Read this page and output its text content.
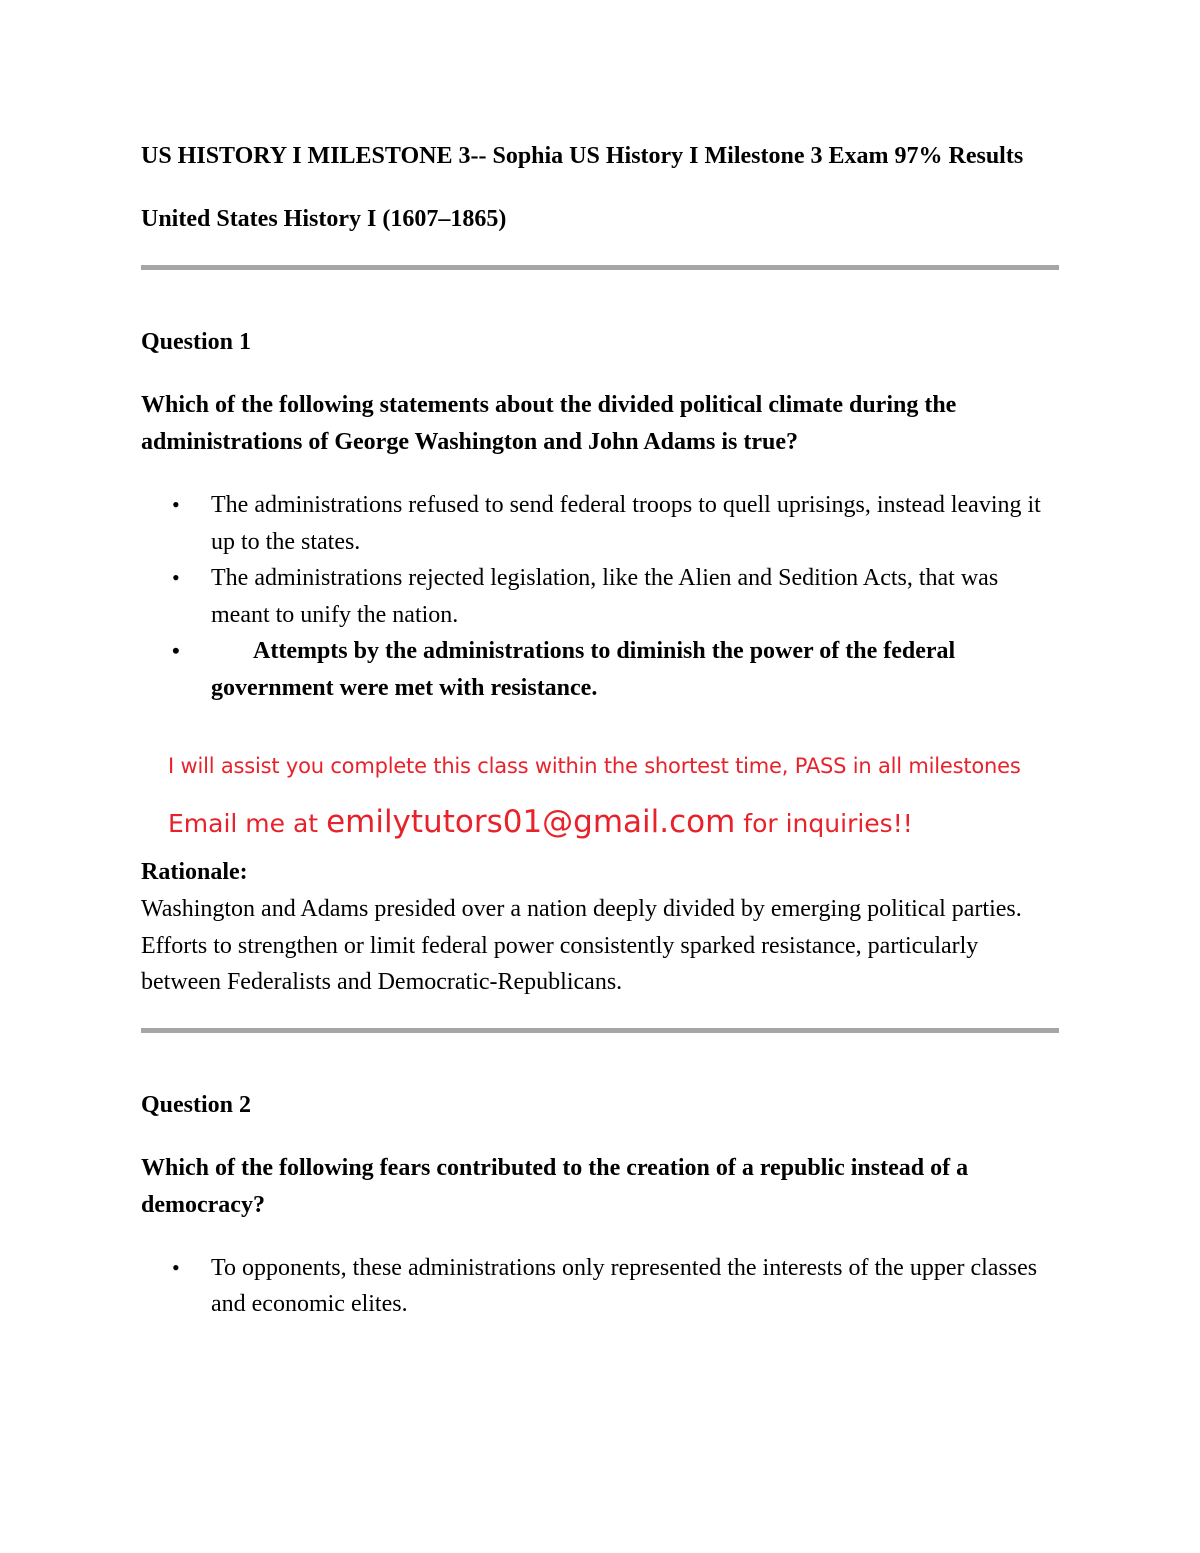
US HISTORY I MILESTONE 3-- Sophia US History I Milestone 3 Exam 97% Results

United States History I (1607–1865)

Question 1

Which of the following statements about the divided political climate during the administrations of George Washington and John Adams is true?

• The administrations refused to send federal troops to quell uprisings, instead leaving it up to the states.
• The administrations rejected legislation, like the Alien and Sedition Acts, that was meant to unify the nation.
•	Attempts by the administrations to diminish the power of the federal government were met with resistance.
I will assist you complete this class within the shortest time, PASS in all milestones
Email me at emilytutors01@gmail.com for inquiries!!

Rationale:

Washington and Adams presided over a nation deeply divided by emerging political parties.

Efforts to strengthen or limit federal power consistently sparked resistance, particularly between Federalists and Democratic-Republicans.

Question 2

Which of the following fears contributed to the creation of a republic instead of a democracy?

• To opponents, these administrations only represented the interests of the upper classes and economic elites.
